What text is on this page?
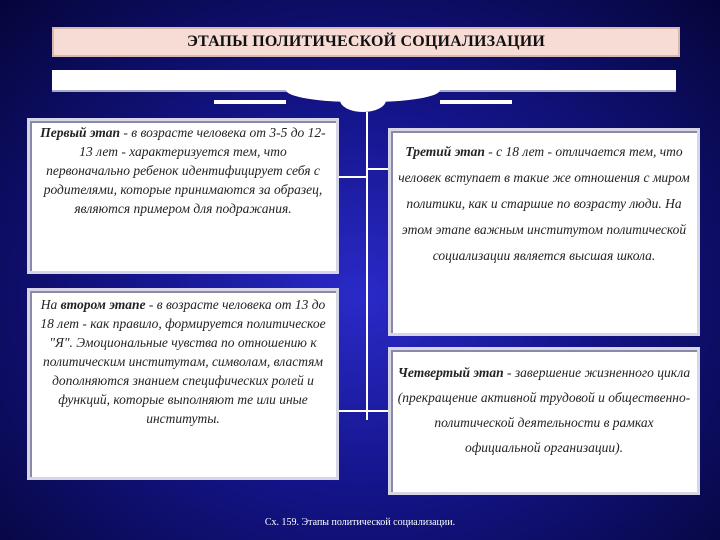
ЭТАПЫ ПОЛИТИЧЕСКОЙ СОЦИАЛИЗАЦИИ
Первый этап - в возрасте человека от 3-5 до 12-13 лет - характеризуется тем, что первоначально ребенок идентифицирует себя с родителями, которые принимаются за образец, являются примером для подражания.
На втором этапе - в возрасте человека от 13 до 18 лет - как правило, формируется политическое "Я". Эмоциональные чувства по отношению к политическим институтам, символам, властям дополняются знанием специфических ролей и функций, которые выполняют те или иные институты.
Третий этап - с 18 лет - отличается тем, что человек вступает в такие же отношения с миром политики, как и старшие по возрасту люди. На этом этапе важным институтом политической социализации является высшая школа.
Четвертый этап - завершение жизненного цикла (прекращение активной трудовой и общественно-политической деятельности в рамках официальной организации).
Сх. 159. Этапы политической социализации.
